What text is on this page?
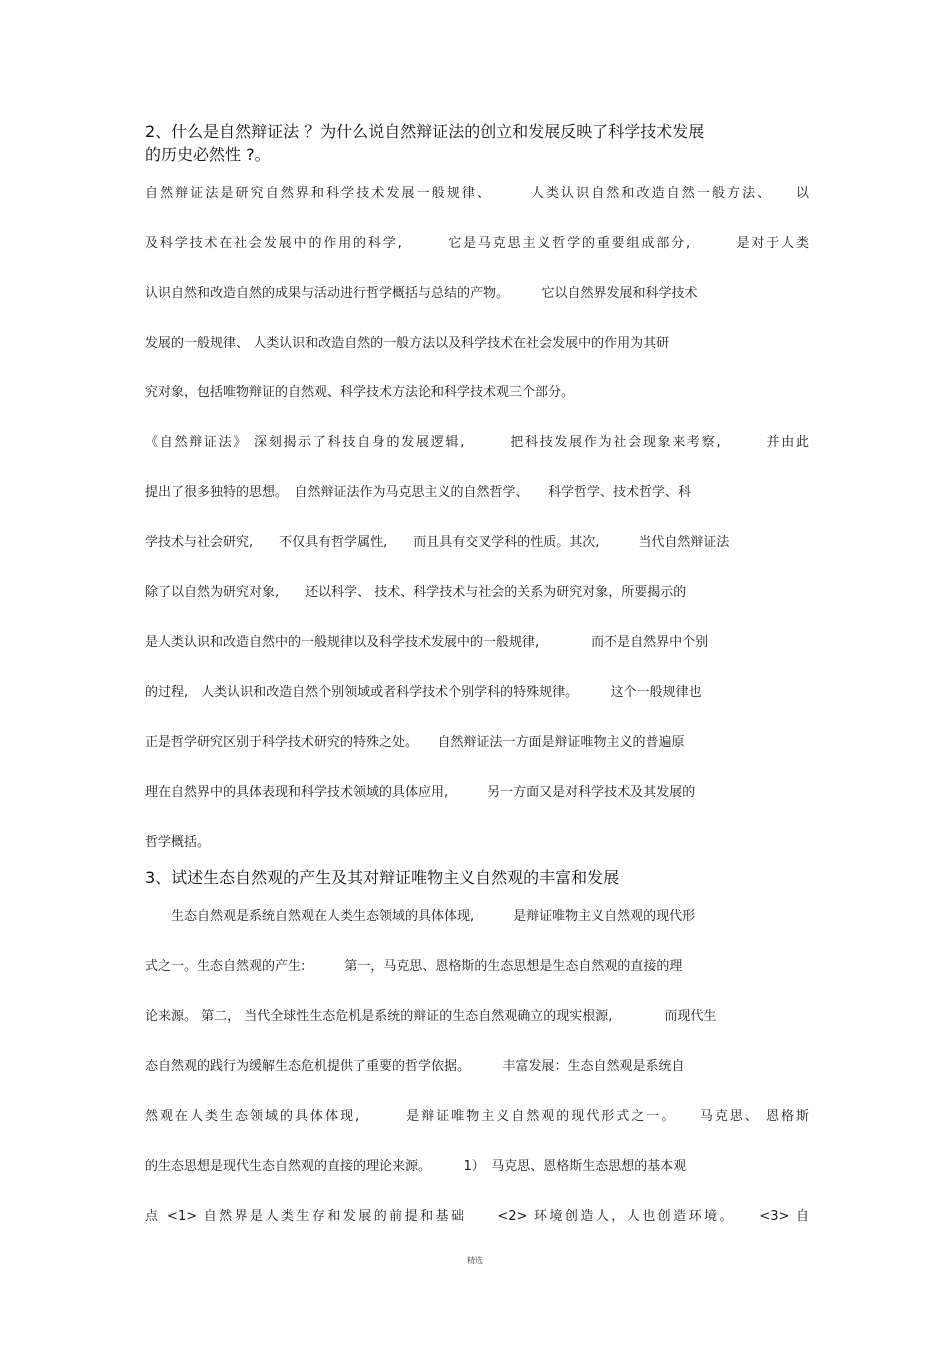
2、什么是自然辩证法 ？为什么说自然辩证法的创立和发展反映了科学技术发展
的历史必然性 ?。
自然辩证法是研究自然界和科学技术发展一般规律、　　　人类认识自然和改造自然一般方法、　　以
及科学技术在社会发展中的作用的科学,　　　它是马克思主义哲学的重要组成部分,　　　是对于人类
认识自然和改造自然的成果与活动进行哲学概括与总结的产物。　　　它以自然界发展和科学技术
发展的一般规律、 人类认识和改造自然的一般方法以及科学技术在社会发展中的作用为其研
究对象，包括唯物辩证的自然观、科学技术方法论和科学技术观三个部分。
《自然辩证法》 深刻揭示了科技自身的发展逻辑,　　　把科技发展作为社会现象来考察,　　　并由此
提出了很多独特的思想。　自然辩证法作为马克思主义的自然哲学、　　科学哲学、技术哲学、科
学技术与社会研究,　　不仅具有哲学属性,　　而且具有交叉学科的性质。其次,　　　当代自然辩证法
除了以自然为研究对象,　　还以科学、 技术、科学技术与社会的关系为研究对象，所要揭示的
是人类认识和改造自然中的一般规律以及科学技术发展中的一般规律,　　　　而不是自然界中个别
的过程,　人类认识和改造自然个别领域或者科学技术个别学科的特殊规律。　　　这个一般规律也
正是哲学研究区别于科学技术研究的特殊之处。　　自然辩证法一方面是辩证唯物主义的普遍原
理在自然界中的具体表现和科学技术领域的具体应用,　　　另一方面又是对科学技术及其发展的
哲学概括。
3、试述生态自然观的产生及其对辩证唯物主义自然观的丰富和发展
　　生态自然观是系统自然观在人类生态领域的具体体现,　　　是辩证唯物主义自然观的现代形
式之一。生态自然观的产生:　　　第一，马克思、恩格斯的生态思想是生态自然观的直接的理
论来源。 第二， 当代全球性生态危机是系统的辩证的生态自然观确立的现实根源,　　　　而现代生
态自然观的践行为缓解生态危机提供了重要的哲学依据。　　　丰富发展：生态自然观是系统自
然观在人类生态领域的具体体现,　　　是辩证唯物主义自然观的现代形式之一。　　马克思、 恩格斯
的生态思想是现代生态自然观的直接的理论来源。　　　1）　马克思、恩格斯生态思想的基本观
点 <1> 自然界是人类生存和发展的前提和基础　　<2> 环境创造人，人也创造环境。　　<3> 自
精选
